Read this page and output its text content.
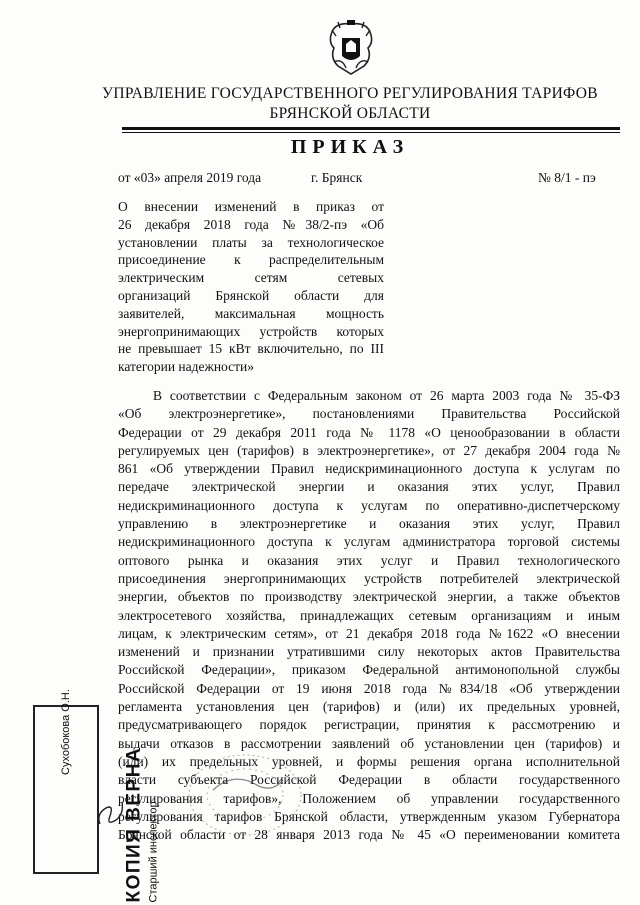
УПРАВЛЕНИЕ ГОСУДАРСТВЕННОГО РЕГУЛИРОВАНИЯ ТАРИФОВ
БРЯНСКОЙ ОБЛАСТИ
ПРИКАЗ
от «03» апреля 2019 года	г. Брянск	№ 8/1 - пэ
О внесении изменений в приказ от
26 декабря 2018 года №38/2-пэ «Об
установлении платы за технологическое
присоединение к распределительным
электрическим сетям сетевых
организаций Брянской области для
заявителей, максимальная мощность
энергопринимающих устройств которых
не превышает 15 кВт включительно, по III
категории надежности»
В соответствии с Федеральным законом от 26 марта 2003 года № 35-ФЗ
«Об электроэнергетике», постановлениями Правительства Российской
Федерации от 29 декабря 2011 года № 1178 «О ценообразовании в области
регулируемых цен (тарифов) в электроэнергетике», от 27 декабря 2004 года №
861 «Об утверждении Правил недискриминационного доступа к услугам по
передаче электрической энергии и оказания этих услуг, Правил
недискриминационного доступа к услугам по оперативно-диспетчерскому
управлению в электроэнергетике и оказания этих услуг, Правил
недискриминационного доступа к услугам администратора торговой системы
оптового рынка и оказания этих услуг и Правил технологического
присоединения энергопринимающих устройств потребителей электрической
энергии, объектов по производству электрической энергии, а также объектов
электросетевого хозяйства, принадлежащих сетевым организациям и иным
лицам, к электрическим сетям», от 21 декабря 2018 года №1622 «О внесении
изменений и признании утратившими силу некоторых актов Правительства
Российской Федерации», приказом Федеральной антимонопольной службы
Российской Федерации от 19 июня 2018 года №834/18 «Об утверждении
регламента установления цен (тарифов) и (или) их предельных уровней,
предусматривающего порядок регистрации, принятия к рассмотрению и
выдачи отказов в рассмотрении заявлений об установлении цен (тарифов) и
(или) их предельных уровней, и формы решения органа исполнительной
власти субъекта Российской Федерации в области государственного
регулирования тарифов», Положением об управлении государственного
регулирования тарифов Брянской области, утвержденным указом Губернатора
Брянской области от 28 января 2013 года № 45 «О переименовании комитета
КОПИЯ ВЕРНА Старший инспектор
Сухобокова О.Н.
